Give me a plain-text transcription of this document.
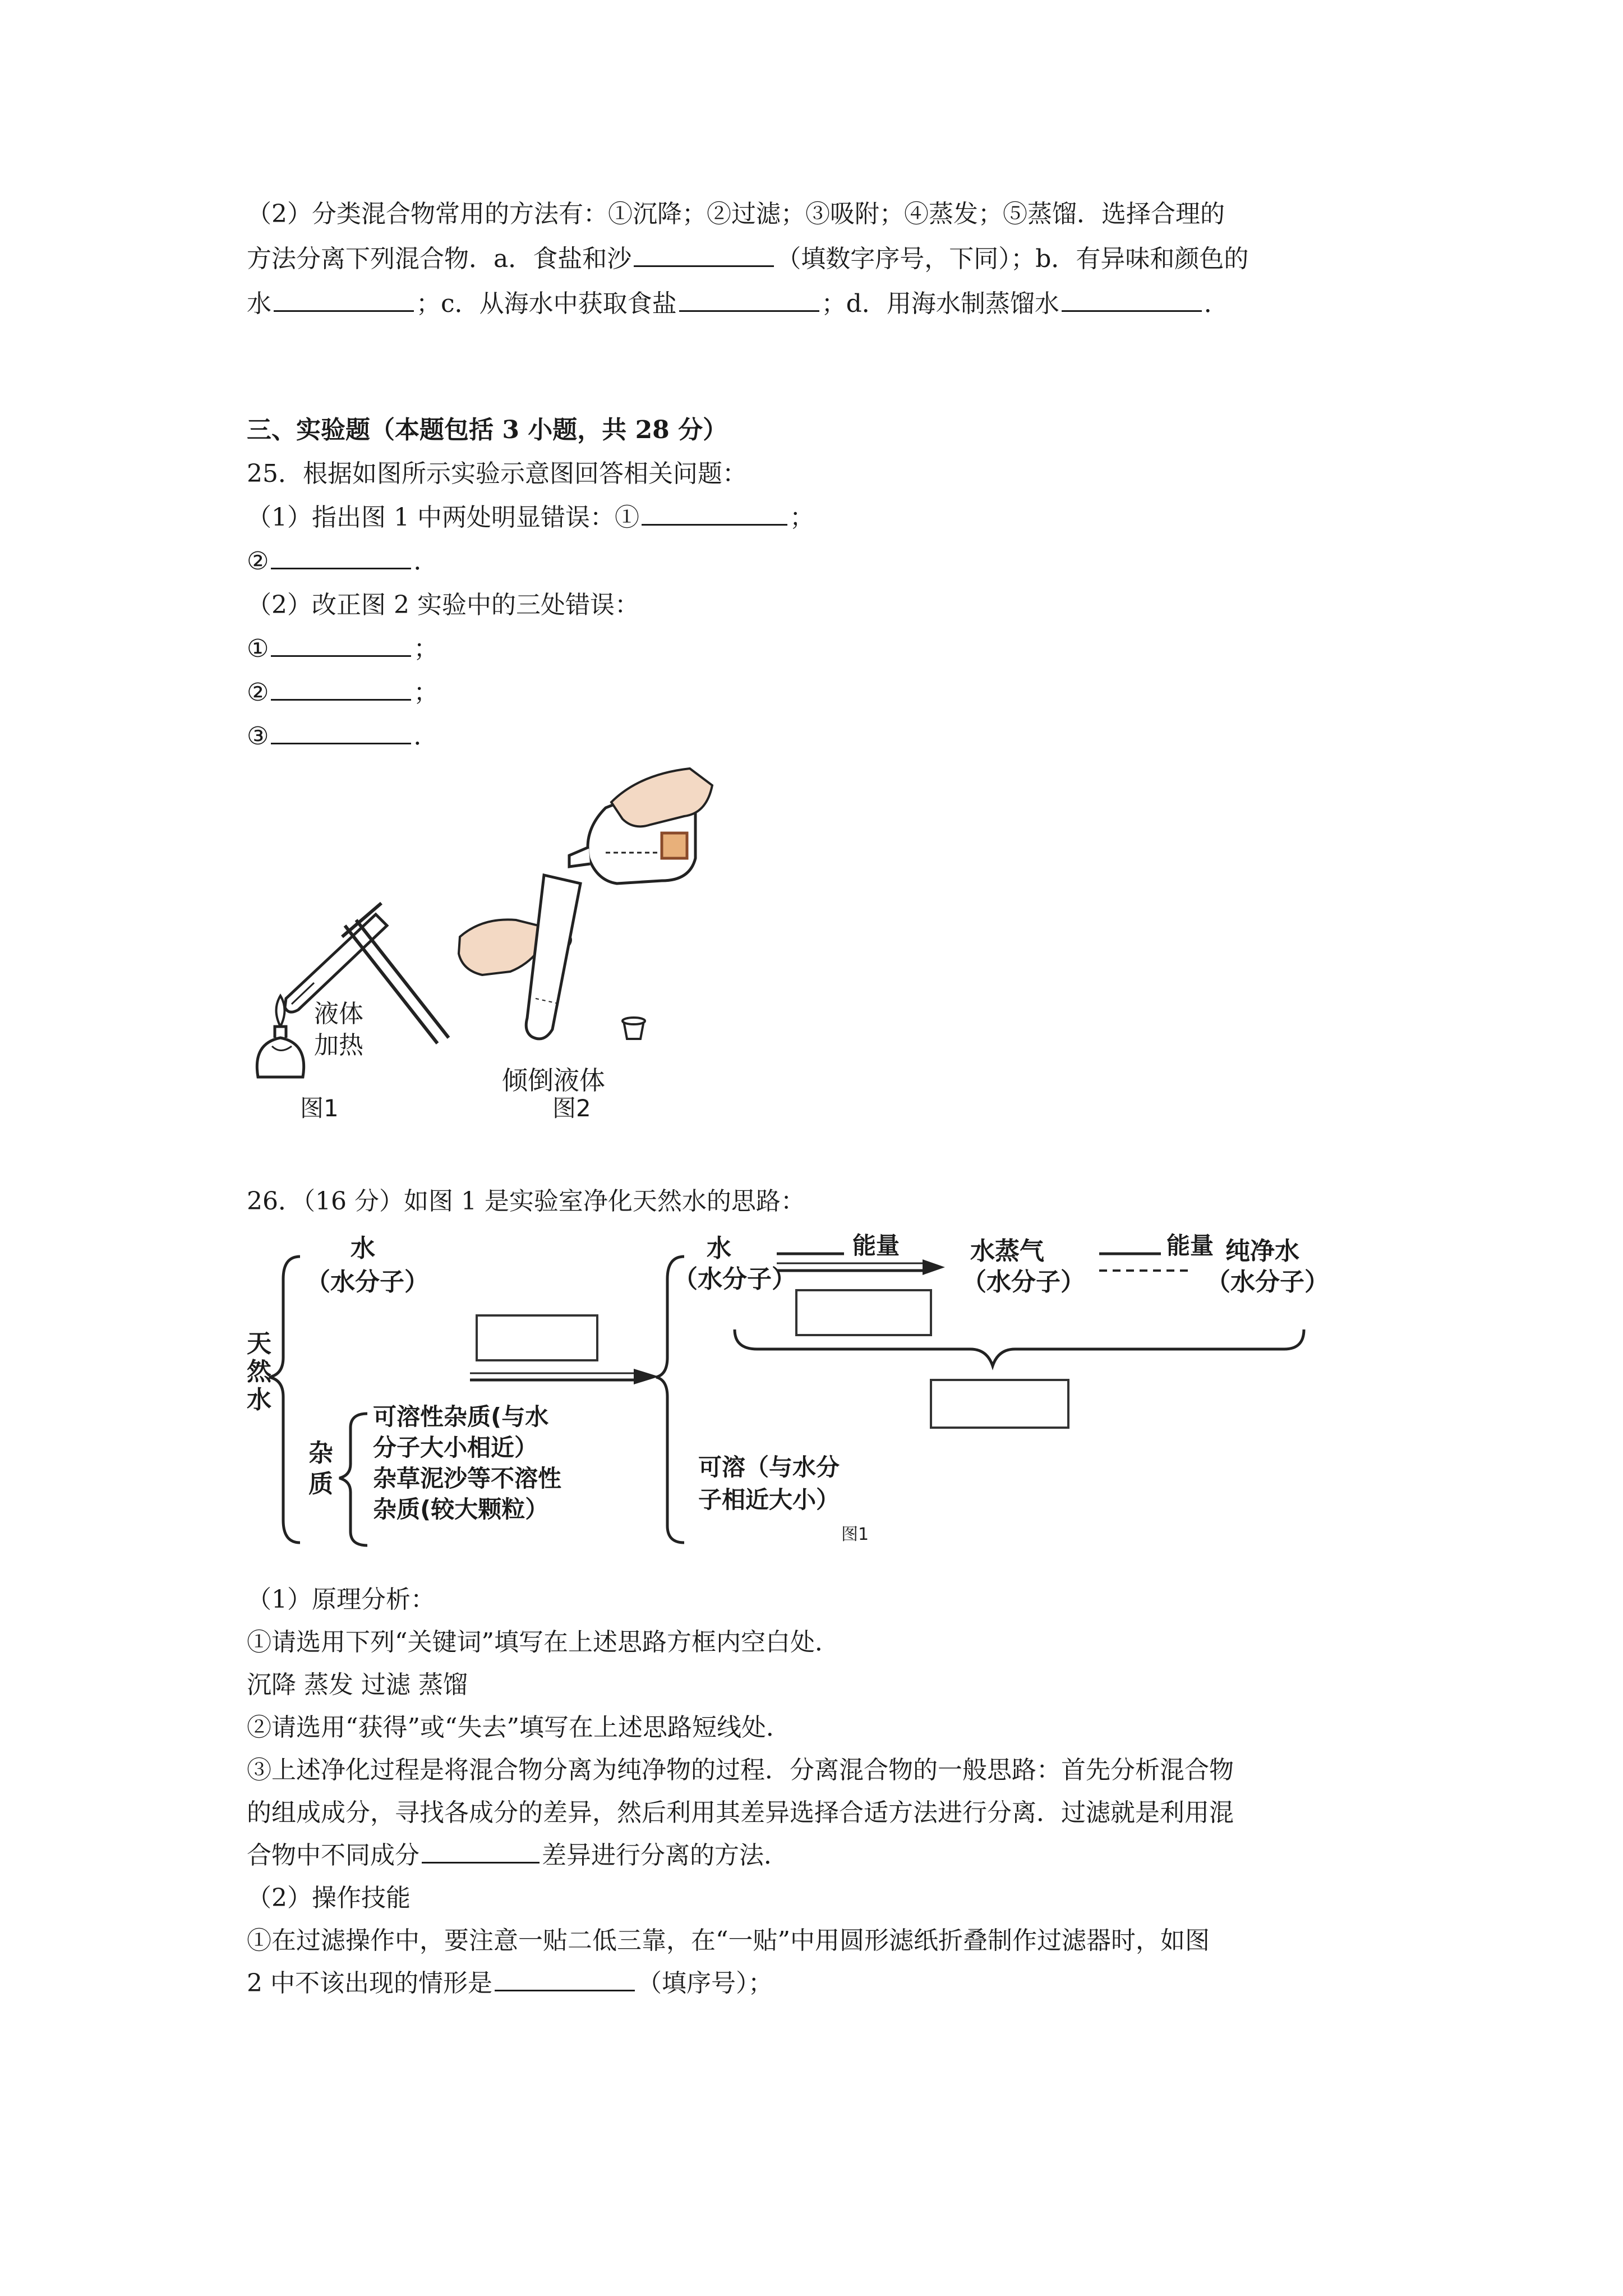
（2）分类混合物常用的方法有：①沉降；②过滤；③吸附；④蒸发；⑤蒸馏．选择合理的
方法分离下列混合物．a．食盐和沙	（填数字序号，下同）；b．有异味和颜色的
水	；c．从海水中获取食盐	；d．用海水制蒸馏水	．
三、实验题（本题包括 3 小题，共 28 分）
25．根据如图所示实验示意图回答相关问题：
（1）指出图 1 中两处明显错误：①	；
②	．
（2）改正图 2 实验中的三处错误：
①	；
②	；
③	．
液体
加热
图1
倾倒液体
图2
26．（16 分）如图 1 是实验室净化天然水的思路：
天
然
水
水
（水分子）
杂
质
可溶性杂质(与水
分子大小相近）
杂草泥沙等不溶性
杂质(较大颗粒）
水
（水分子）
能量	水蒸气
（水分子）
能量 纯净水
（水分子）
可溶（与水分
子相近大小）
图1
（1）原理分析：
①请选用下列“关键词”填写在上述思路方框内空白处．
沉降 蒸发 过滤 蒸馏
②请选用“获得”或“失去”填写在上述思路短线处．
③上述净化过程是将混合物分离为纯净物的过程．分离混合物的一般思路：首先分析混合物
的组成成分，寻找各成分的差异，然后利用其差异选择合适方法进行分离．过滤就是利用混
合物中不同成分	差异进行分离的方法．
（2）操作技能
①在过滤操作中，要注意一贴二低三靠，在“一贴”中用圆形滤纸折叠制作过滤器时，如图
2 中不该出现的情形是	（填序号）；
